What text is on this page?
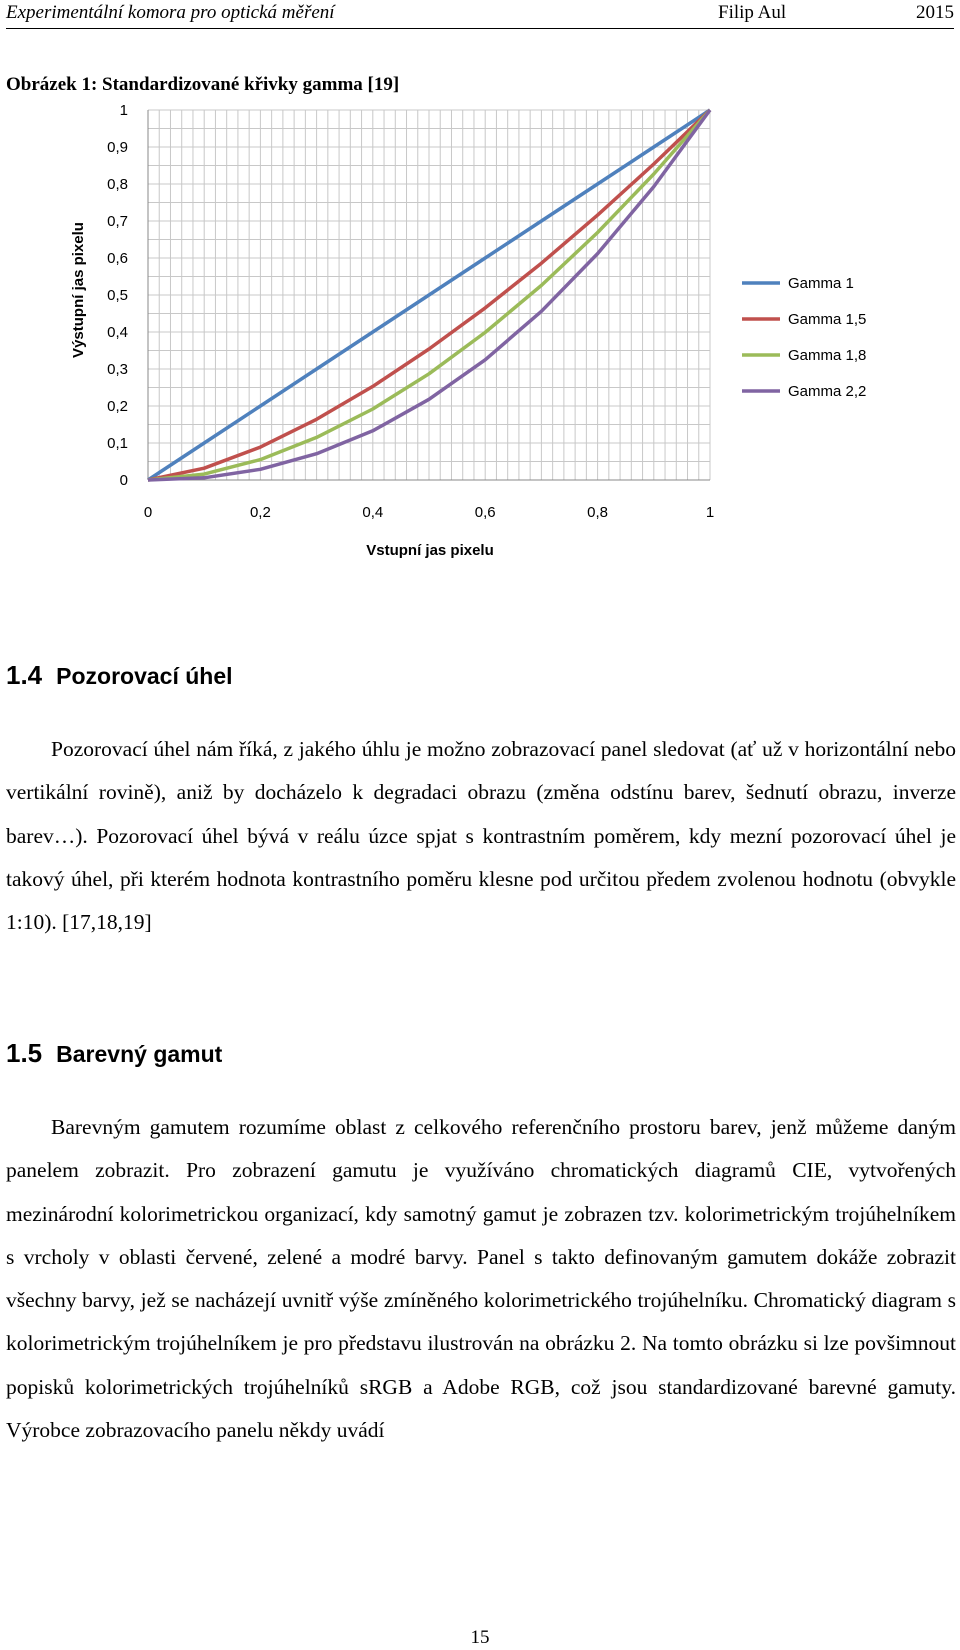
Experimentální komora pro optická měření	Filip Aul	2015
Obrázek 1: Standardizované křivky gamma [19]
0
0,1
0,2
0,3
0,4
0,5
0,6
0,7
0,8
0,9
1
0	0,2	0,4	0,6	0,8	1
Gamma 1
Gamma 1,5
Gamma 1,8
Gamma 2,2
Vstupní jas pixelu
Výstupní jas pixelu
1.4 Pozorovací úhel

Pozorovací úhel nám říká, z jakého úhlu je možno zobrazovací panel sledovat (ať už v horizontální nebo vertikální rovině), aniž by docházelo k degradaci obrazu (změna odstínu barev, šednutí obrazu, inverze barev…). Pozorovací úhel bývá v reálu úzce spjat s kontrastním poměrem, kdy mezní pozorovací úhel je takový úhel, při kterém hodnota kontrastního poměru klesne pod určitou předem zvolenou hodnotu (obvykle 1:10). [17,18,19]

1.5 Barevný gamut

Barevným gamutem rozumíme oblast z celkového referenčního prostoru barev, jenž můžeme daným panelem zobrazit. Pro zobrazení gamutu je využíváno chromatických diagramů CIE, vytvořených mezinárodní kolorimetrickou organizací, kdy samotný gamut je zobrazen tzv. kolorimetrickým trojúhelníkem s vrcholy v oblasti červené, zelené a modré barvy. Panel s takto definovaným gamutem dokáže zobrazit všechny barvy, jež se nacházejí uvnitř výše zmíněného kolorimetrického trojúhelníku. Chromatický diagram s kolorimetrickým trojúhelníkem je pro představu ilustrován na obrázku 2. Na tomto obrázku si lze povšimnout popisků kolorimetrických trojúhelníků sRGB a Adobe RGB, což jsou standardizované barevné gamuty. Výrobce zobrazovacího panelu někdy uvádí

15
